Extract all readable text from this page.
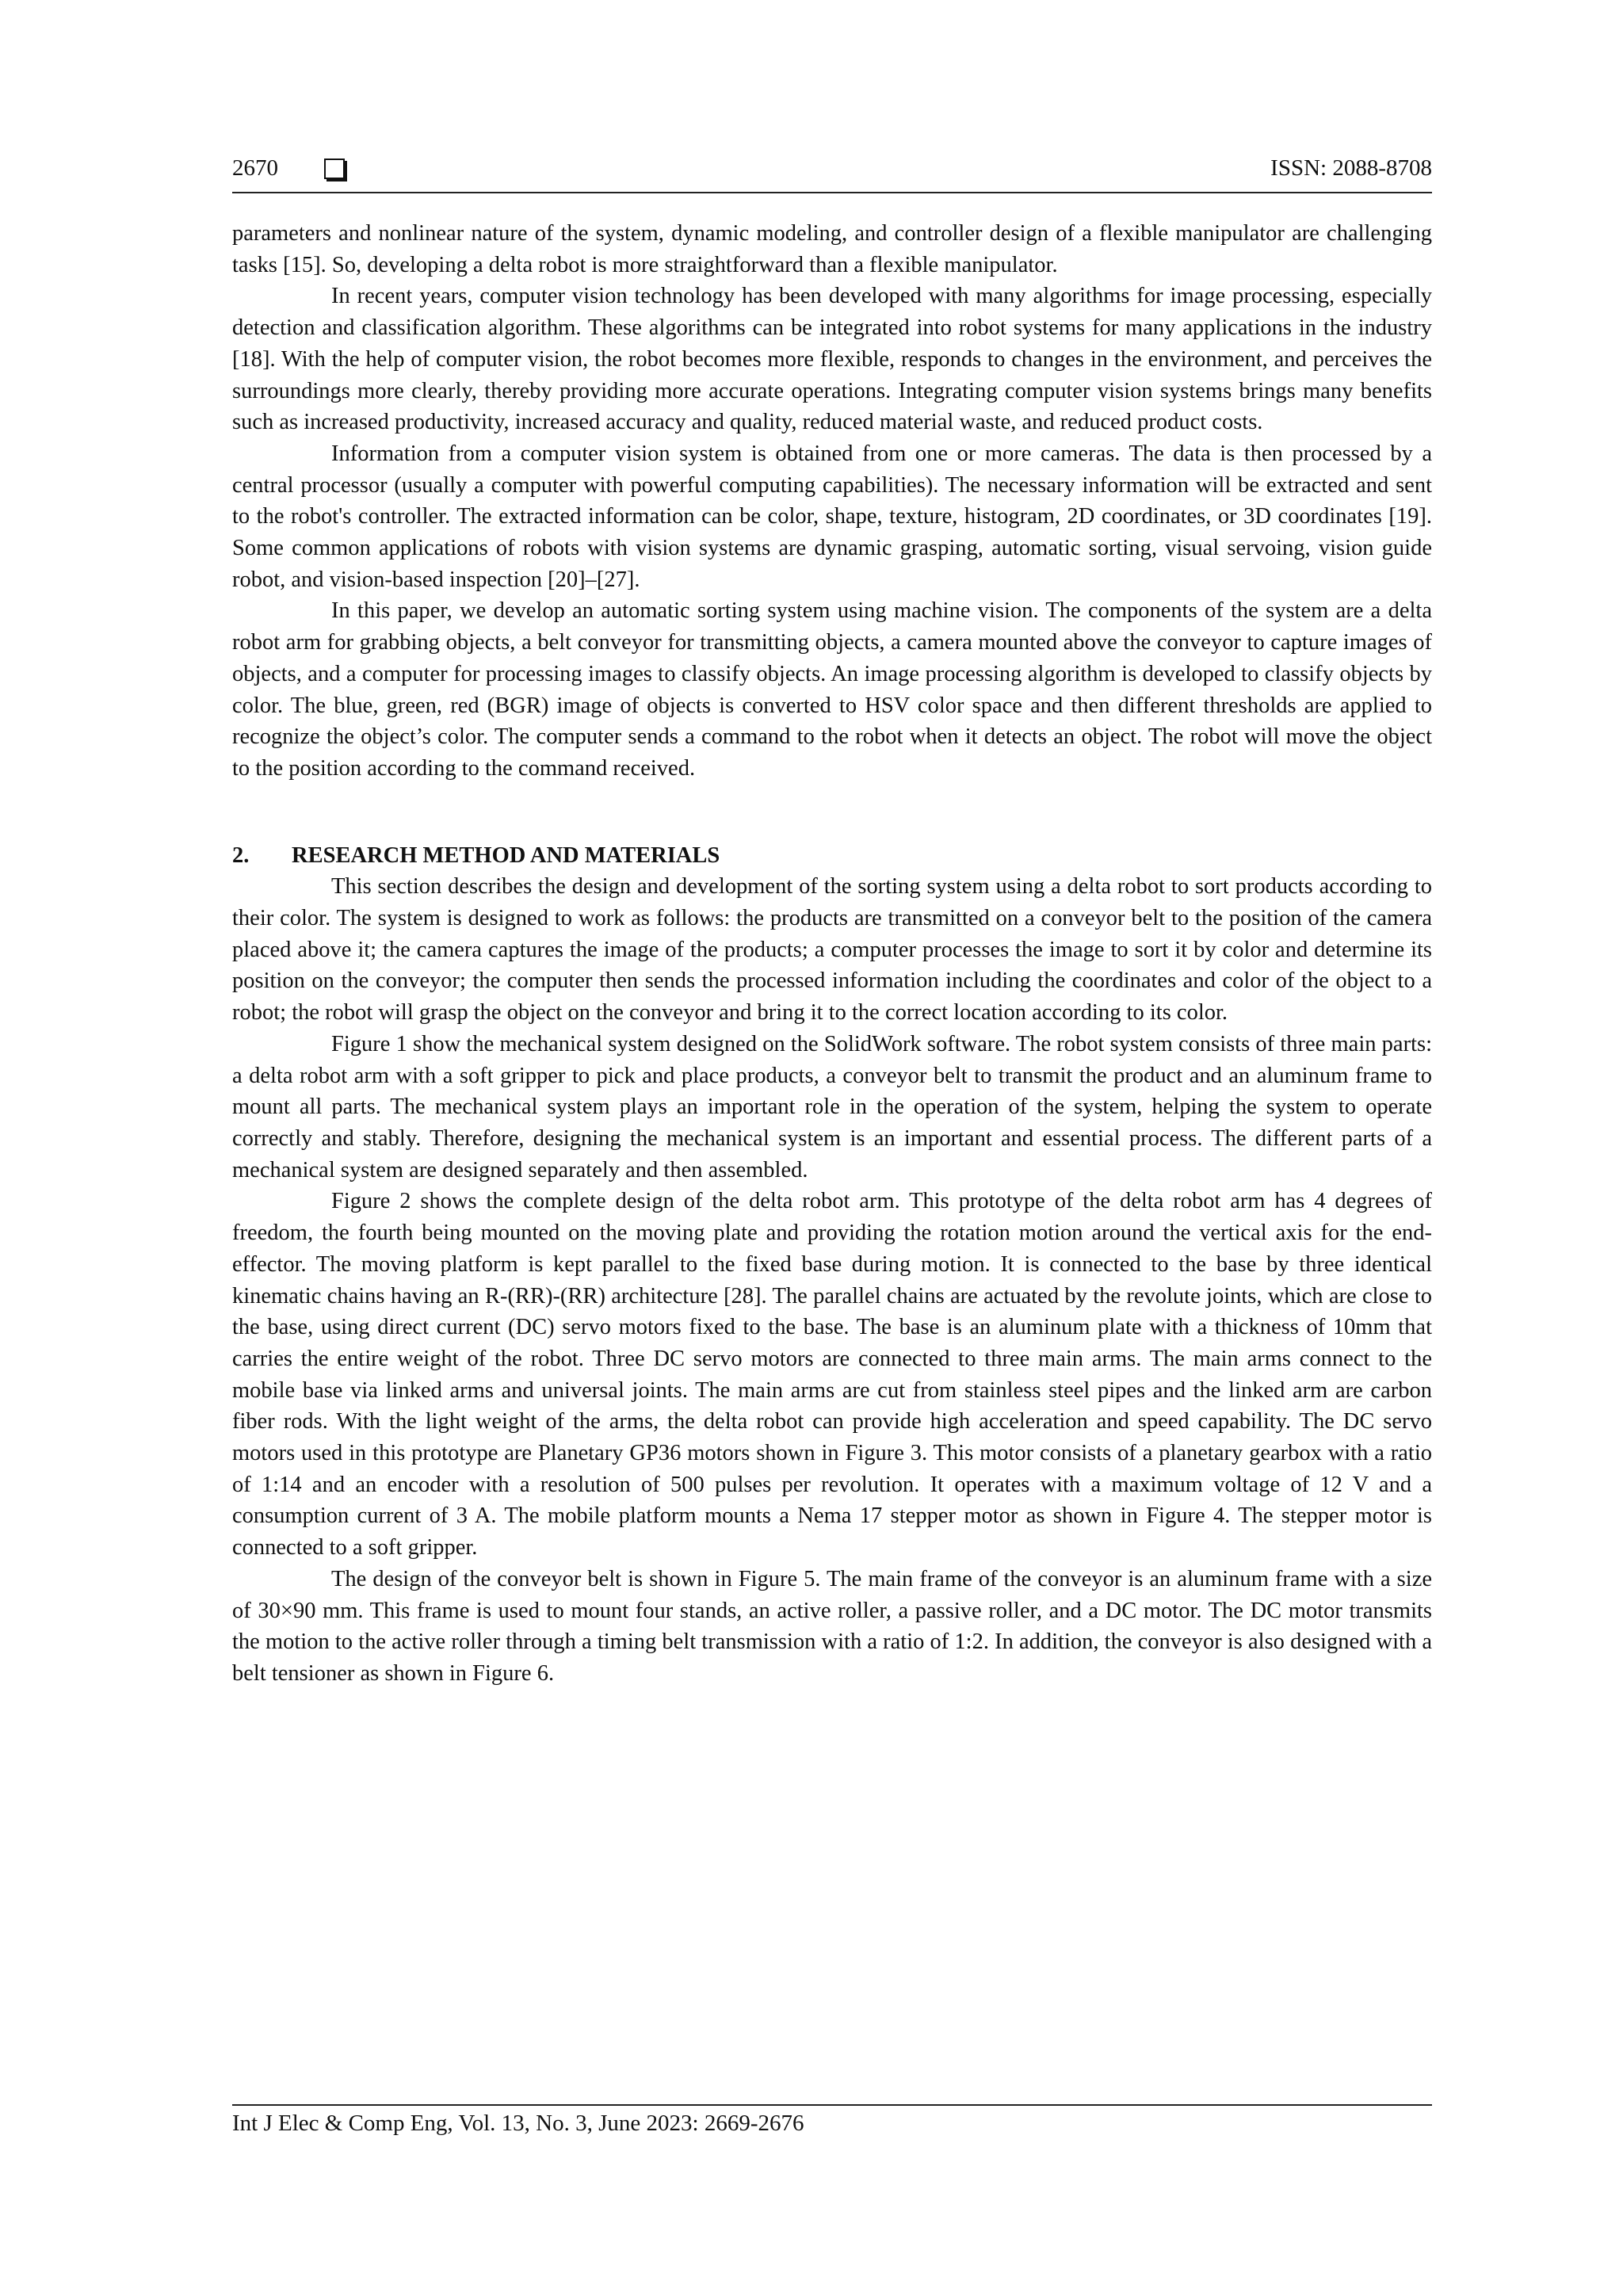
2670	ISSN: 2088-8708

parameters and nonlinear nature of the system, dynamic modeling, and controller design of a flexible manipulator are challenging tasks [15]. So, developing a delta robot is more straightforward than a flexible manipulator.

In recent years, computer vision technology has been developed with many algorithms for image processing, especially detection and classification algorithm. These algorithms can be integrated into robot systems for many applications in the industry [18]. With the help of computer vision, the robot becomes more flexible, responds to changes in the environment, and perceives the surroundings more clearly, thereby providing more accurate operations. Integrating computer vision systems brings many benefits such as increased productivity, increased accuracy and quality, reduced material waste, and reduced product costs.

Information from a computer vision system is obtained from one or more cameras. The data is then processed by a central processor (usually a computer with powerful computing capabilities). The necessary information will be extracted and sent to the robot's controller. The extracted information can be color, shape, texture, histogram, 2D coordinates, or 3D coordinates [19]. Some common applications of robots with vision systems are dynamic grasping, automatic sorting, visual servoing, vision guide robot, and vision-based inspection [20]–[27].

In this paper, we develop an automatic sorting system using machine vision. The components of the system are a delta robot arm for grabbing objects, a belt conveyor for transmitting objects, a camera mounted above the conveyor to capture images of objects, and a computer for processing images to classify objects. An image processing algorithm is developed to classify objects by color. The blue, green, red (BGR) image of objects is converted to HSV color space and then different thresholds are applied to recognize the object’s color. The computer sends a command to the robot when it detects an object. The robot will move the object to the position according to the command received.

2. RESEARCH METHOD AND MATERIALS

This section describes the design and development of the sorting system using a delta robot to sort products according to their color. The system is designed to work as follows: the products are transmitted on a conveyor belt to the position of the camera placed above it; the camera captures the image of the products; a computer processes the image to sort it by color and determine its position on the conveyor; the computer then sends the processed information including the coordinates and color of the object to a robot; the robot will grasp the object on the conveyor and bring it to the correct location according to its color.

Figure 1 show the mechanical system designed on the SolidWork software. The robot system consists of three main parts: a delta robot arm with a soft gripper to pick and place products, a conveyor belt to transmit the product and an aluminum frame to mount all parts. The mechanical system plays an important role in the operation of the system, helping the system to operate correctly and stably. Therefore, designing the mechanical system is an important and essential process. The different parts of a mechanical system are designed separately and then assembled.

Figure 2 shows the complete design of the delta robot arm. This prototype of the delta robot arm has 4 degrees of freedom, the fourth being mounted on the moving plate and providing the rotation motion around the vertical axis for the end-effector. The moving platform is kept parallel to the fixed base during motion. It is connected to the base by three identical kinematic chains having an R-(RR)-(RR) architecture [28]. The parallel chains are actuated by the revolute joints, which are close to the base, using direct current (DC) servo motors fixed to the base. The base is an aluminum plate with a thickness of 10mm that carries the entire weight of the robot. Three DC servo motors are connected to three main arms. The main arms connect to the mobile base via linked arms and universal joints. The main arms are cut from stainless steel pipes and the linked arm are carbon fiber rods. With the light weight of the arms, the delta robot can provide high acceleration and speed capability. The DC servo motors used in this prototype are Planetary GP36 motors shown in Figure 3. This motor consists of a planetary gearbox with a ratio of 1:14 and an encoder with a resolution of 500 pulses per revolution. It operates with a maximum voltage of 12 V and a consumption current of 3 A. The mobile platform mounts a Nema 17 stepper motor as shown in Figure 4. The stepper motor is connected to a soft gripper.

The design of the conveyor belt is shown in Figure 5. The main frame of the conveyor is an aluminum frame with a size of 30×90 mm. This frame is used to mount four stands, an active roller, a passive roller, and a DC motor. The DC motor transmits the motion to the active roller through a timing belt transmission with a ratio of 1:2. In addition, the conveyor is also designed with a belt tensioner as shown in Figure 6.

Int J Elec & Comp Eng, Vol. 13, No. 3, June 2023: 2669-2676
